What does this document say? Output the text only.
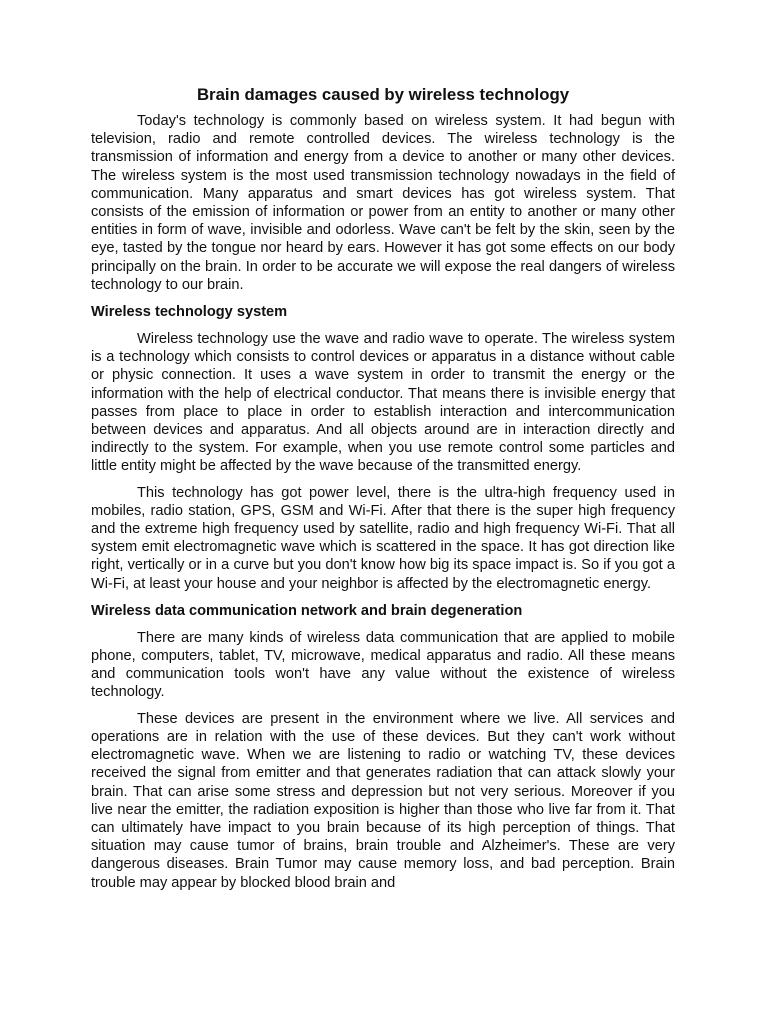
Brain damages caused by wireless technology

Today's technology is commonly based on wireless system. It had begun with television, radio and remote controlled devices. The wireless technology is the transmission of information and energy from a device to another or many other devices. The wireless system is the most used transmission technology nowadays in the field of communication. Many apparatus and smart devices has got wireless system. That consists of the emission of information or power from an entity to another or many other entities in form of wave, invisible and odorless. Wave can't be felt by the skin, seen by the eye, tasted by the tongue nor heard by ears. However it has got some effects on our body principally on the brain. In order to be accurate we will expose the real dangers of wireless technology to our brain.

Wireless technology system

Wireless technology use the wave and radio wave to operate. The wireless system is a technology which consists to control devices or apparatus in a distance without cable or physic connection. It uses a wave system in order to transmit the energy or the information with the help of electrical conductor. That means there is invisible energy that passes from place to place in order to establish interaction and intercommunication between devices and apparatus. And all objects around are in interaction directly and indirectly to the system. For example, when you use remote control some particles and little entity might be affected by the wave because of the transmitted energy.

This technology has got power level, there is the ultra-high frequency used in mobiles, radio station, GPS, GSM and Wi-Fi. After that there is the super high frequency and the extreme high frequency used by satellite, radio and high frequency Wi-Fi. That all system emit electromagnetic wave which is scattered in the space. It has got direction like right, vertically or in a curve but you don't know how big its space impact is. So if you got a Wi-Fi, at least your house and your neighbor is affected by the electromagnetic energy.

Wireless data communication network and brain degeneration

There are many kinds of wireless data communication that are applied to mobile phone, computers, tablet, TV, microwave, medical apparatus and radio. All these means and communication tools won't have any value without the existence of wireless technology.

These devices are present in the environment where we live. All services and operations are in relation with the use of these devices. But they can't work without electromagnetic wave. When we are listening to radio or watching TV, these devices received the signal from emitter and that generates radiation that can attack slowly your brain. That can arise some stress and depression but not very serious. Moreover if you live near the emitter, the radiation exposition is higher than those who live far from it. That can ultimately have impact to you brain because of its high perception of things. That situation may cause tumor of brains, brain trouble and Alzheimer's. These are very dangerous diseases. Brain Tumor may cause memory loss, and bad perception. Brain trouble may appear by blocked blood brain and
